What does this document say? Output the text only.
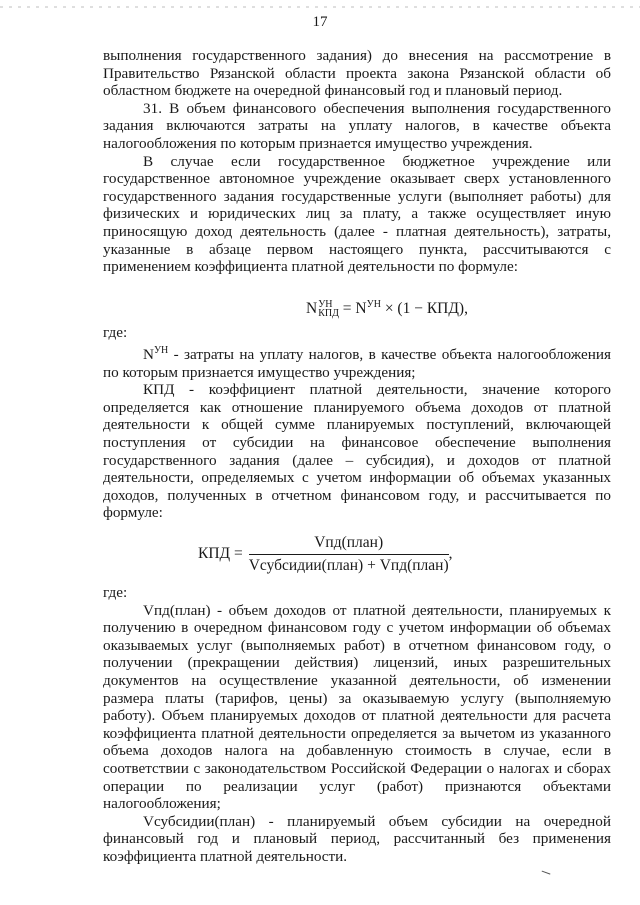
17

выполнения государственного задания) до внесения на рассмотрение в Правительство Рязанской области проекта закона Рязанской области об областном бюджете на очередной финансовый год и плановый период.

31. В объем финансового обеспечения выполнения государственного задания включаются затраты на уплату налогов, в качестве объекта налогообложения по которым признается имущество учреждения.

В случае если государственное бюджетное учреждение или государственное автономное учреждение оказывает сверх установленного государственного задания государственные услуги (выполняет работы) для физических и юридических лиц за плату, а также осуществляет иную приносящую доход деятельность (далее - платная деятельность), затраты, указанные в абзаце первом настоящего пункта, рассчитываются с применением коэффициента платной деятельности по формуле:

NУН
КПД = $N^{УН} \times (1 - КПД)$,

где:

$N^{УН}$ - затраты на уплату налогов, в качестве объекта налогообложения по которым признается имущество учреждения;

КПД - коэффициент платной деятельности, значение которого определяется как отношение планируемого объема доходов от платной деятельности к общей сумме планируемых поступлений, включающей поступления от субсидии на финансовое обеспечение выполнения государственного задания (далее – субсидия), и доходов от платной деятельности, определяемых с учетом информации об объемах указанных доходов, полученных в отчетном финансовом году, и рассчитывается по формуле:

КПД = $\frac{\text{Vпд(план)}}{\text{Vсубсидии(план) + Vпд(план)}}$ ,

где:

Vпд(план) - объем доходов от платной деятельности, планируемых к получению в очередном финансовом году с учетом информации об объемах оказываемых услуг (выполняемых работ) в отчетном финансовом году, о получении (прекращении действия) лицензий, иных разрешительных документов на осуществление указанной деятельности, об изменении размера платы (тарифов, цены) за оказываемую услугу (выполняемую работу). Объем планируемых доходов от платной деятельности для расчета коэффициента платной деятельности определяется за вычетом из указанного объема доходов налога на добавленную стоимость в случае, если в соответствии с законодательством Российской Федерации о налогах и сборах операции по реализации услуг (работ) признаются объектами налогообложения;

Vсубсидии(план) - планируемый объем субсидии на очередной финансовый год и плановый период, рассчитанный без применения коэффициента платной деятельности.
